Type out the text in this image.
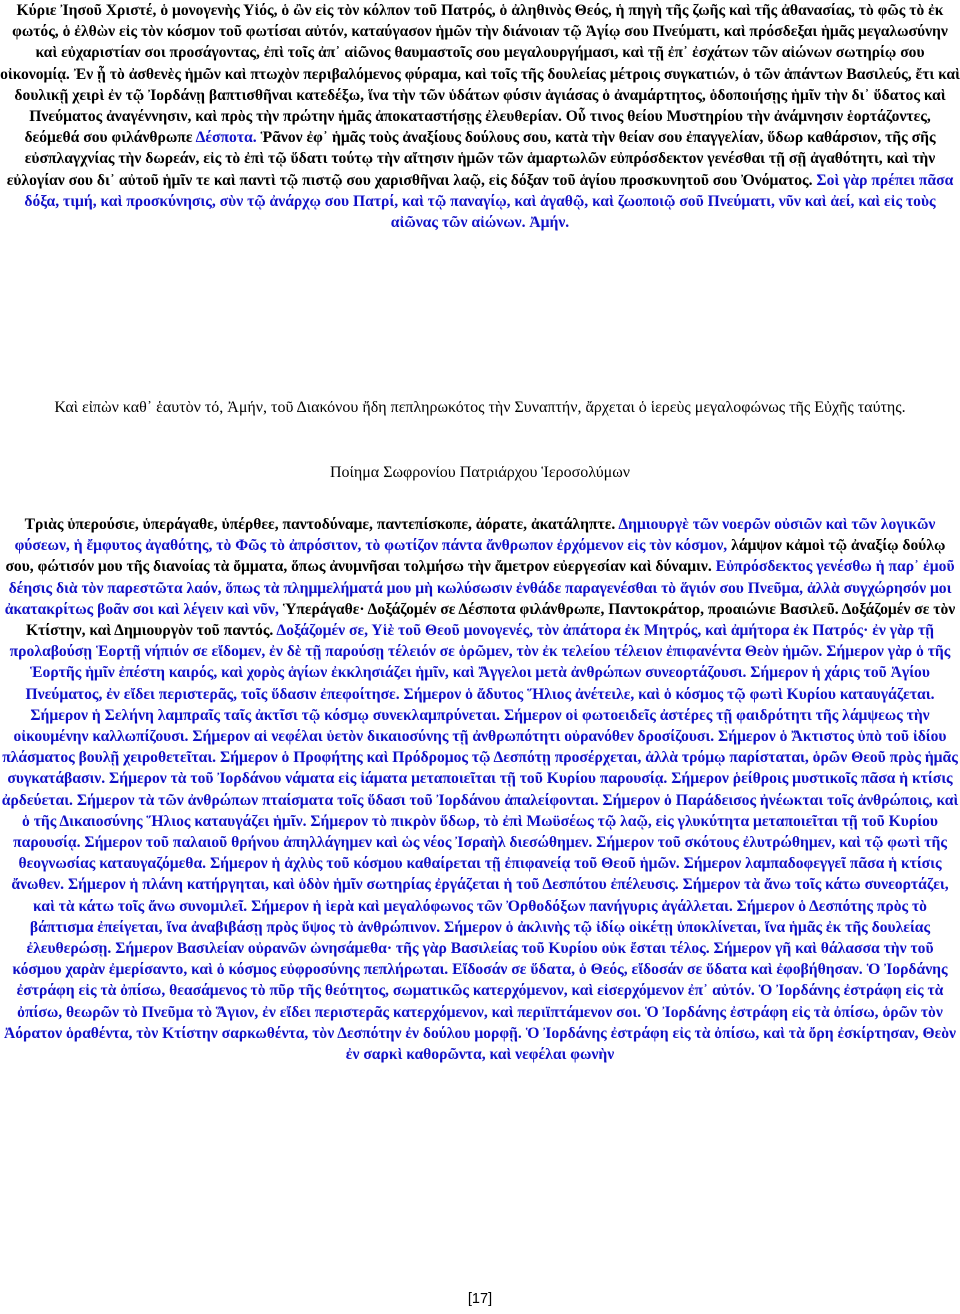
Κύριε Ἰησοῦ Χριστέ, ὁ μονογενὴς Υἱός, ὁ ὢν εἰς τὸν κόλπον τοῦ Πατρός, ὁ ἀληθινὸς Θεός, ἡ πηγὴ τῆς ζωῆς καὶ τῆς ἀθανασίας, τὸ φῶς τὸ ἐκ φωτός, ὁ ἐλθὼν εἰς τὸν κόσμον τοῦ φωτίσαι αὐτόν, καταύγασον ἡμῶν τὴν διάνοιαν τῷ Ἁγίῳ σου Πνεύματι, καὶ πρόσδεξαι ἡμᾶς μεγαλωσύνην καὶ εὐχαριστίαν σοι προσάγοντας, ἐπὶ τοῖς ἀπ᾽ αἰῶνος θαυμαστοῖς σου μεγαλουργήμασι, καὶ τῇ ἐπ᾽ ἐσχάτων τῶν αἰώνων σωτηρίῳ σου οἰκονομίᾳ. Ἐν ᾗ τὸ ἀσθενὲς ἡμῶν καὶ πτωχὸν περιβαλόμενος φύραμα, καὶ τοῖς τῆς δουλείας μέτροις συγκατιών, ὁ τῶν ἁπάντων Βασιλεύς, ἔτι καὶ δουλικῇ χειρὶ ἐν τῷ Ἰορδάνῃ βαπτισθῆναι κατεδέξω, ἵνα τὴν τῶν ὑδάτων φύσιν ἁγιάσας ὁ ἀναμάρτητος, ὁδοποιήσῃς ἡμῖν τὴν δι᾽ ὕδατος καὶ Πνεύματος ἀναγέννησιν, καὶ πρὸς τὴν πρώτην ἡμᾶς ἀποκαταστήσῃς ἐλευθερίαν. Οὗ τινος θείου Μυστηρίου τὴν ἀνάμνησιν ἑορτάζοντες, δεόμεθά σου φιλάνθρωπε Δέσποτα. Ῥᾶνον ἐφ᾽ ἡμᾶς τοὺς ἀναξίους δούλους σου, κατὰ τὴν θείαν σου ἐπαγγελίαν, ὕδωρ καθάρσιον, τῆς σῆς εὐσπλαγχνίας τὴν δωρεάν, εἰς τὸ ἐπὶ τῷ ὕδατι τούτῳ τὴν αἴτησιν ἡμῶν τῶν ἁμαρτωλῶν εὐπρόσδεκτον γενέσθαι τῇ σῇ ἀγαθότητι, καὶ τὴν εὐλογίαν σου δι᾽ αὐτοῦ ἡμῖν τε καὶ παντὶ τῷ πιστῷ σου χαρισθῆναι λαῷ, εἰς δόξαν τοῦ ἁγίου προσκυνητοῦ σου Ὀνόματος. Σοὶ γὰρ πρέπει πᾶσα δόξα, τιμή, καὶ προσκύνησις, σὺν τῷ ἀνάρχῳ σου Πατρί, καὶ τῷ παναγίῳ, καὶ ἀγαθῷ, καὶ ζωοποιῷ σοῦ Πνεύματι, νῦν καὶ ἀεί, καὶ εἰς τοὺς αἰῶνας τῶν αἰώνων. Ἀμήν.

Καὶ εἰπὼν καθ᾽ ἑαυτὸν τό, Ἀμήν, τοῦ Διακόνου ἤδη πεπληρωκότος τὴν Συναπτήν, ἄρχεται ὁ ἱερεὺς μεγαλοφώνως τῆς Εὐχῆς ταύτης.

Ποίημα Σωφρονίου Πατριάρχου Ἱεροσολύμων

Τριὰς ὑπερούσιε, ὑπεράγαθε, ὑπέρθεε, παντοδύναμε, παντεπίσκοπε, ἀόρατε, ἀκατάληπτε. Δημιουργὲ τῶν νοερῶν οὐσιῶν καὶ τῶν λογικῶν φύσεων, ἡ ἔμφυτος ἀγαθότης, τὸ Φῶς τὸ ἀπρόσιτον, τὸ φωτίζον πάντα ἄνθρωπον ἐρχόμενον εἰς τὸν κόσμον, λάμψον κἀμοὶ τῷ ἀναξίῳ δούλῳ σου, φώτισόν μου τῆς διανοίας τὰ ὄμματα, ὅπως ἀνυμνῆσαι τολμήσω τὴν ἄμετρον εὐεργεσίαν καὶ δύναμιν. Εὐπρόσδεκτος γενέσθω ἡ παρ᾽ ἐμοῦ δέησις διὰ τὸν παρεστῶτα λαόν, ὅπως τὰ πλημμελήματά μου μὴ κωλύσωσιν ἐνθάδε παραγενέσθαι τὸ ἅγιόν σου Πνεῦμα, ἀλλὰ συγχώρησόν μοι ἀκατακρίτως βοᾶν σοι καὶ λέγειν καὶ νῦν, Ὑπεράγαθε· Δοξάζομέν σε Δέσποτα φιλάνθρωπε, Παντοκράτορ, προαιώνιε Βασιλεῦ. Δοξάζομέν σε τὸν Κτίστην, καὶ Δημιουργὸν τοῦ παντός. Δοξάζομέν σε, Υἱὲ τοῦ Θεοῦ μονογενές, τὸν ἀπάτορα ἐκ Μητρός, καὶ ἀμήτορα ἐκ Πατρός· ἐν γὰρ τῇ προλαβούσῃ Ἑορτῇ νήπιόν σε εἴδομεν, ἐν δὲ τῇ παρούσῃ τέλειόν σε ὁρῶμεν, τὸν ἐκ τελείου τέλειον ἐπιφανέντα Θεὸν ἡμῶν. Σήμερον γὰρ ὁ τῆς Ἑορτῆς ἡμῖν ἐπέστη καιρός, καὶ χορὸς ἁγίων ἐκκλησιάζει ἡμῖν, καὶ Ἄγγελοι μετὰ ἀνθρώπων συνεορτάζουσι. Σήμερον ἡ χάρις τοῦ Ἁγίου Πνεύματος, ἐν εἴδει περιστερᾶς, τοῖς ὕδασιν ἐπεφοίτησε. Σήμερον ὁ ἄδυτος Ἥλιος ἀνέτειλε, καὶ ὁ κόσμος τῷ φωτὶ Κυρίου καταυγάζεται. Σήμερον ἡ Σελήνη λαμπραῖς ταῖς ἀκτῖσι τῷ κόσμῳ συνεκλαμπρύνεται. Σήμερον οἱ φωτοειδεῖς ἀστέρες τῇ φαιδρότητι τῆς λάμψεως τὴν οἰκουμένην καλλωπίζουσι. Σήμερον αἱ νεφέλαι ὑετὸν δικαιοσύνης τῇ ἀνθρωπότητι οὐρανόθεν δροσίζουσι. Σήμερον ὁ Ἄκτιστος ὑπὸ τοῦ ἰδίου πλάσματος βουλῇ χειροθετεῖται. Σήμερον ὁ Προφήτης καὶ Πρόδρομος τῷ Δεσπότῃ προσέρχεται, ἀλλὰ τρόμῳ παρίσταται, ὁρῶν Θεοῦ πρὸς ἡμᾶς συγκατάβασιν. Σήμερον τὰ τοῦ Ἰορδάνου νάματα εἰς ἰάματα μεταποιεῖται τῇ τοῦ Κυρίου παρουσίᾳ. Σήμερον ῥείθροις μυστικοῖς πᾶσα ἡ κτίσις ἀρδεύεται. Σήμερον τὰ τῶν ἀνθρώπων πταίσματα τοῖς ὕδασι τοῦ Ἰορδάνου ἀπαλείφονται. Σήμερον ὁ Παράδεισος ἠνέωκται τοῖς ἀνθρώποις, καὶ ὁ τῆς Δικαιοσύνης Ἥλιος καταυγάζει ἡμῖν. Σήμερον τὸ πικρὸν ὕδωρ, τὸ ἐπὶ Μωϋσέως τῷ λαῷ, εἰς γλυκύτητα μεταποιεῖται τῇ τοῦ Κυρίου παρουσίᾳ. Σήμερον τοῦ παλαιοῦ θρήνου ἀπηλλάγημεν καὶ ὡς νέος Ἰσραὴλ διεσώθημεν. Σήμερον τοῦ σκότους ἐλυτρώθημεν, καὶ τῷ φωτὶ τῆς θεογνωσίας καταυγαζόμεθα. Σήμερον ἡ ἀχλὺς τοῦ κόσμου καθαίρεται τῇ ἐπιφανείᾳ τοῦ Θεοῦ ἡμῶν. Σήμερον λαμπαδοφεγγεῖ πᾶσα ἡ κτίσις ἄνωθεν. Σήμερον ἡ πλάνη κατήργηται, καὶ ὁδὸν ἡμῖν σωτηρίας ἐργάζεται ἡ τοῦ Δεσπότου ἐπέλευσις. Σήμερον τὰ ἄνω τοῖς κάτω συνεορτάζει, καὶ τὰ κάτω τοῖς ἄνω συνομιλεῖ. Σήμερον ἡ ἱερὰ καὶ μεγαλόφωνος τῶν Ὀρθοδόξων πανήγυρις ἀγάλλεται. Σήμερον ὁ Δεσπότης πρὸς τὸ βάπτισμα ἐπείγεται, ἵνα ἀναβιβάσῃ πρὸς ὕψος τὸ ἀνθρώπινον. Σήμερον ὁ ἀκλινὴς τῷ ἰδίῳ οἰκέτῃ ὑποκλίνεται, ἵνα ἡμᾶς ἐκ τῆς δουλείας ἐλευθερώσῃ. Σήμερον Βασιλείαν οὐρανῶν ὠνησάμεθα· τῆς γὰρ Βασιλείας τοῦ Κυρίου οὐκ ἔσται τέλος. Σήμερον γῆ καὶ θάλασσα τὴν τοῦ κόσμου χαρὰν ἐμερίσαντο, καὶ ὁ κόσμος εὐφροσύνης πεπλήρωται. Εἴδοσάν σε ὕδατα, ὁ Θεός, εἴδοσάν σε ὕδατα καὶ ἐφοβήθησαν. Ὁ Ἰορδάνης ἐστράφη εἰς τὰ ὀπίσω, θεασάμενος τὸ πῦρ τῆς θεότητος, σωματικῶς κατερχόμενον, καὶ εἰσερχόμενον ἐπ᾽ αὐτόν. Ὁ Ἰορδάνης ἐστράφη εἰς τὰ ὀπίσω, θεωρῶν τὸ Πνεῦμα τὸ Ἅγιον, ἐν εἴδει περιστερᾶς κατερχόμενον, καὶ περιϊπτάμενον σοι. Ὁ Ἰορδάνης ἐστράφη εἰς τὰ ὀπίσω, ὁρῶν τὸν Ἀόρατον ὁραθέντα, τὸν Κτίστην σαρκωθέντα, τὸν Δεσπότην ἐν δούλου μορφῇ. Ὁ Ἰορδάνης ἐστράφη εἰς τὰ ὀπίσω, καὶ τὰ ὄρη ἐσκίρτησαν, Θεὸν ἐν σαρκὶ καθορῶντα, καὶ νεφέλαι φωνὴν

[17]
